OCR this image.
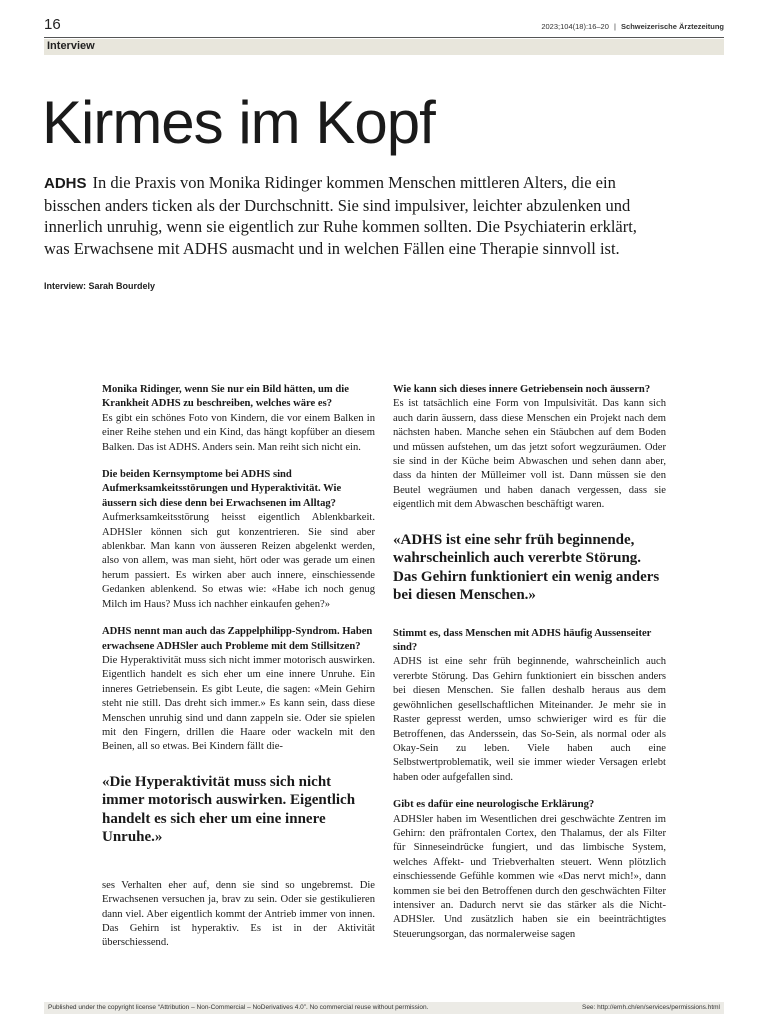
16	2023;104(18):16–20 | Schweizerische Ärztezeitung
Interview
Kirmes im Kopf

ADHS In die Praxis von Monika Ridinger kommen Menschen mittleren Alters, die ein bisschen anders ticken als der Durchschnitt. Sie sind impulsiver, leichter abzulenken und innerlich unruhig, wenn sie eigentlich zur Ruhe kommen sollten. Die Psychiaterin erklärt, was Erwachsene mit ADHS ausmacht und in welchen Fällen eine Therapie sinnvoll ist.

Interview: Sarah Bourdely

Monika Ridinger, wenn Sie nur ein Bild hätten, um die Krankheit ADHS zu beschreiben, welches wäre es?

Es gibt ein schönes Foto von Kindern, die vor einem Balken in einer Reihe stehen und ein Kind, das hängt kopfüber an diesem Balken. Das ist ADHS. Anders sein. Man reiht sich nicht ein.

Die beiden Kernsymptome bei ADHS sind Aufmerksamkeitsstörungen und Hyperaktivität. Wie äussern sich diese denn bei Erwachsenen im Alltag?

Aufmerksamkeitsstörung heisst eigentlich Ablenkbarkeit. ADHSler können sich gut konzentrieren. Sie sind aber ablenkbar. Man kann von äusseren Reizen abgelenkt werden, also von allem, was man sieht, hört oder was gerade um einen herum passiert. Es wirken aber auch innere, einschiessende Gedanken ablenkend. So etwas wie: «Habe ich noch genug Milch im Haus? Muss ich nachher einkaufen gehen?»

ADHS nennt man auch das Zappelphilipp-Syndrom. Haben erwachsene ADHSler auch Probleme mit dem Stillsitzen?

Die Hyperaktivität muss sich nicht immer motorisch auswirken. Eigentlich handelt es sich eher um eine innere Unruhe. Ein inneres Getriebensein. Es gibt Leute, die sagen: «Mein Gehirn steht nie still. Das dreht sich immer.» Es kann sein, dass diese Menschen unruhig sind und dann zappeln sie. Oder sie spielen mit den Fingern, drillen die Haare oder wackeln mit den Beinen, all so etwas. Bei Kindern fällt die-

«Die Hyperaktivität muss sich nicht immer motorisch auswirken. Eigentlich handelt es sich eher um eine innere Unruhe.»

ses Verhalten eher auf, denn sie sind so ungebremst. Die Erwachsenen versuchen ja, brav zu sein. Oder sie gestikulieren dann viel. Aber eigentlich kommt der Antrieb immer von innen. Das Gehirn ist hyperaktiv. Es ist in der Aktivität überschiessend.

Wie kann sich dieses innere Getriebensein noch äussern?

Es ist tatsächlich eine Form von Impulsivität. Das kann sich auch darin äussern, dass diese Menschen ein Projekt nach dem nächsten haben. Manche sehen ein Stäubchen auf dem Boden und müssen aufstehen, um das jetzt sofort wegzuräumen. Oder sie sind in der Küche beim Abwaschen und sehen dann aber, dass da hinten der Mülleimer voll ist. Dann müssen sie den Beutel wegräumen und haben danach vergessen, dass sie eigentlich mit dem Abwaschen beschäftigt waren.

«ADHS ist eine sehr früh beginnende, wahrscheinlich auch vererbte Störung. Das Gehirn funktioniert ein wenig anders bei diesen Menschen.»

Stimmt es, dass Menschen mit ADHS häufig Aussenseiter sind?

ADHS ist eine sehr früh beginnende, wahrscheinlich auch vererbte Störung. Das Gehirn funktioniert ein bisschen anders bei diesen Menschen. Sie fallen deshalb heraus aus dem gewöhnlichen gesellschaftlichen Miteinander. Je mehr sie in Raster gepresst werden, umso schwieriger wird es für die Betroffenen, das Anderssein, das So-Sein, als normal oder als Okay-Sein zu leben. Viele haben auch eine Selbstwertproblematik, weil sie immer wieder Versagen erlebt haben oder aufgefallen sind.

Gibt es dafür eine neurologische Erklärung?

ADHSler haben im Wesentlichen drei geschwächte Zentren im Gehirn: den präfrontalen Cortex, den Thalamus, der als Filter für Sinneseindrücke fungiert, und das limbische System, welches Affekt- und Triebverhalten steuert. Wenn plötzlich einschiessende Gefühle kommen wie «Das nervt mich!», dann kommen sie bei den Betroffenen durch den geschwächten Filter intensiver an. Dadurch nervt sie das stärker als die Nicht-ADHSler. Und zusätzlich haben sie ein beeinträchtigtes Steuerungsorgan, das normalerweise sagen

Published under the copyright license “Attribution – Non-Commercial – NoDerivatives 4.0”. No commercial reuse without permission.	See: http://emh.ch/en/services/permissions.html
